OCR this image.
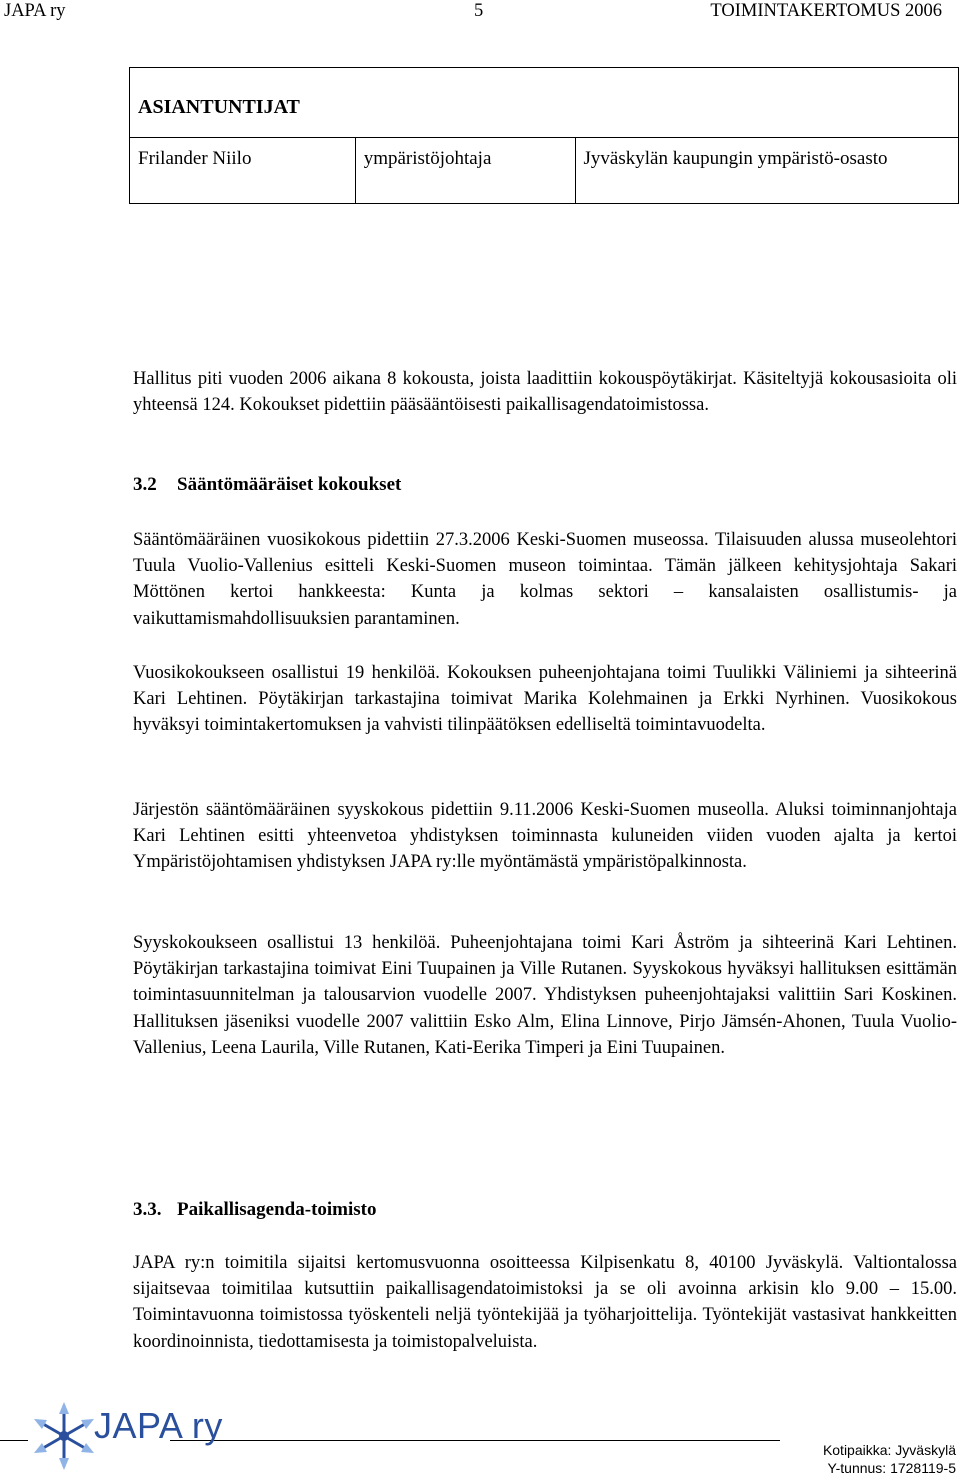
JAPA ry	5	TOIMINTAKERTOMUS 2006
ASIANTUNTIJAT
Frilander Niilo	ympäristöjohtaja	Jyväskylän kaupungin ympäristö-osasto

Hallitus piti vuoden 2006 aikana 8 kokousta, joista laadittiin kokouspöytäkirjat. Käsiteltyjä kokousasioita oli yhteensä 124. Kokoukset pidettiin pääsääntöisesti paikallisagendatoimistossa.

3.2 Sääntömääräiset kokoukset

Sääntömääräinen vuosikokous pidettiin 27.3.2006 Keski-Suomen museossa. Tilaisuuden alussa museolehtori Tuula Vuolio-Vallenius esitteli Keski-Suomen museon toimintaa. Tämän jälkeen kehitysjohtaja Sakari Möttönen kertoi hankkeesta: Kunta ja kolmas sektori – kansalaisten osallistumis- ja vaikuttamismahdollisuuksien parantaminen.

Vuosikokoukseen osallistui 19 henkilöä. Kokouksen puheenjohtajana toimi Tuulikki Väliniemi ja sihteerinä Kari Lehtinen. Pöytäkirjan tarkastajina toimivat Marika Kolehmainen ja Erkki Nyrhinen. Vuosikokous hyväksyi toimintakertomuksen ja vahvisti tilinpäätöksen edelliseltä toimintavuodelta.

Järjestön sääntömääräinen syyskokous pidettiin 9.11.2006 Keski-Suomen museolla. Aluksi toiminnanjohtaja Kari Lehtinen esitti yhteenvetoa yhdistyksen toiminnasta kuluneiden viiden vuoden ajalta ja kertoi Ympäristöjohtamisen yhdistyksen JAPA ry:lle myöntämästä ympäristöpalkinnosta.

Syyskokoukseen osallistui 13 henkilöä. Puheenjohtajana toimi Kari Åström ja sihteerinä Kari Lehtinen. Pöytäkirjan tarkastajina toimivat Eini Tuupainen ja Ville Rutanen. Syyskokous hyväksyi hallituksen esittämän toimintasuunnitelman ja talousarvion vuodelle 2007. Yhdistyksen puheenjohtajaksi valittiin Sari Koskinen. Hallituksen jäseniksi vuodelle 2007 valittiin Esko Alm, Elina Linnove, Pirjo Jämsén-Ahonen, Tuula Vuolio-Vallenius, Leena Laurila, Ville Rutanen, Kati-Eerika Timperi ja Eini Tuupainen.

3.3. Paikallisagenda-toimisto

JAPA ry:n toimitila sijaitsi kertomusvuonna osoitteessa Kilpisenkatu 8, 40100 Jyväskylä. Valtiontalossa sijaitsevaa toimitilaa kutsuttiin paikallisagendatoimistoksi ja se oli avoinna arkisin klo 9.00 – 15.00. Toimintavuonna toimistossa työskenteli neljä työntekijää ja työharjoittelija. Työntekijät vastasivat hankkeitten koordinoinnista, tiedottamisesta ja toimistopalveluista.

JAPA ry
Kotipaikka: Jyväskylä
Y-tunnus: 1728119-5
